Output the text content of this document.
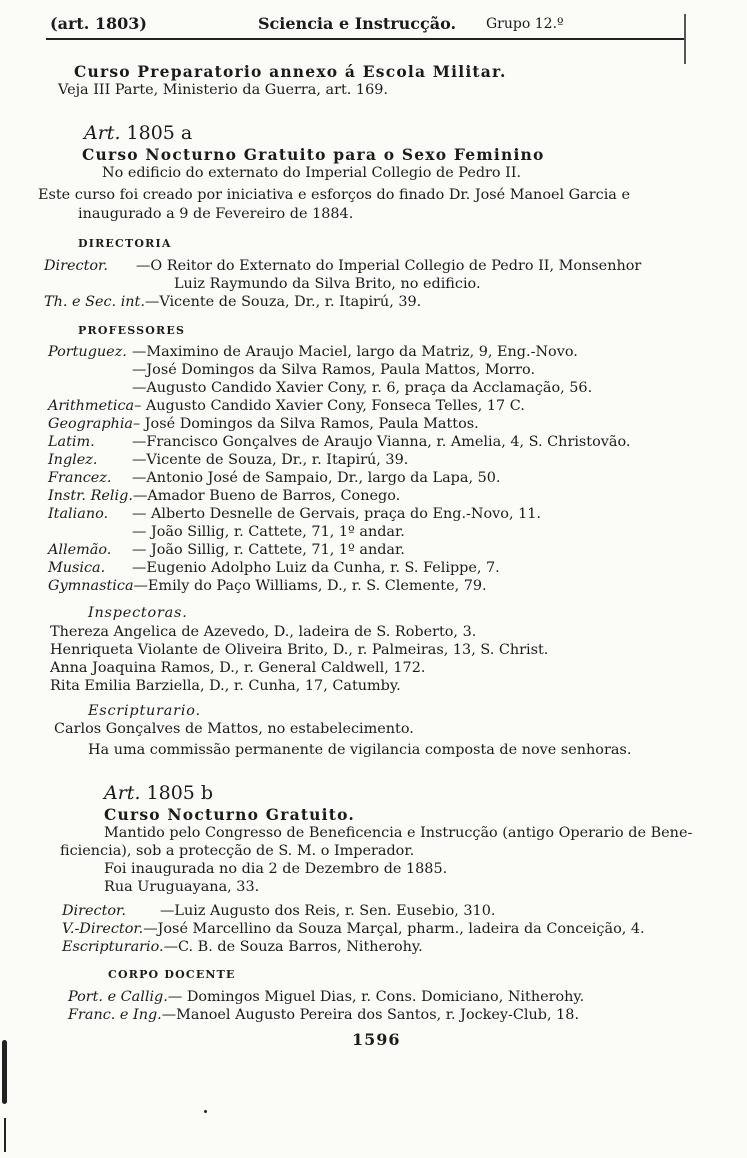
(art. 1803)	Sciencia e Instrucção. Grupo 12.º
Curso Preparatorio annexo á Escola Militar.
Veja III Parte, Ministerio da Guerra, art. 169.
Art. 1805 a
Curso Nocturno Gratuito para o Sexo Feminino
No edificio do externato do Imperial Collegio de Pedro II.
Este curso foi creado por iniciativa e esforços do finado Dr. José Manoel Garcia e
inaugurado a 9 de Fevereiro de 1884.
DIRECTORIA
Director. —O Reitor do Externato do Imperial Collegio de Pedro II, Monsenhor
Luiz Raymundo da Silva Brito, no edificio.
Th. e Sec. int.—Vicente de Souza, Dr., r. Itapirú, 39.
PROFESSORES
Portuguez. —Maximino de Araujo Maciel, largo da Matriz, 9, Eng.-Novo.
—José Domingos da Silva Ramos, Paula Mattos, Morro.
—Augusto Candido Xavier Cony, r. 6, praça da Acclamação, 56.
Arithmetica– Augusto Candido Xavier Cony, Fonseca Telles, 17 C.
Geographia– José Domingos da Silva Ramos, Paula Mattos.
Latim.	—Francisco Gonçalves de Araujo Vianna, r. Amelia, 4, S. Christovão.
Inglez. —Vicente de Souza, Dr., r. Itapirú, 39.
Francez. —Antonio José de Sampaio, Dr., largo da Lapa, 50.
Instr. Relig.—Amador Bueno de Barros, Conego.
Italiano. — Alberto Desnelle de Gervais, praça do Eng.-Novo, 11.
— João Sillig, r. Cattete, 71, 1º andar.
Allemão. — João Sillig, r. Cattete, 71, 1º andar.
Musica. —Eugenio Adolpho Luiz da Cunha, r. S. Felippe, 7.
Gymnastica—Emily do Paço Williams, D., r. S. Clemente, 79.
Inspectoras.
Thereza Angelica de Azevedo, D., ladeira de S. Roberto, 3.
Henriqueta Violante de Oliveira Brito, D., r. Palmeiras, 13, S. Christ.
Anna Joaquina Ramos, D., r. General Caldwell, 172.
Rita Emilia Barziella, D., r. Cunha, 17, Catumby.
Escripturario.
Carlos Gonçalves de Mattos, no estabelecimento.
Ha uma commissão permanente de vigilancia composta de nove senhoras.
Art. 1805 b
Curso Nocturno Gratuito.
Mantido pelo Congresso de Beneficencia e Instrucção (antigo Operario de Bene-
ficiencia), sob a protecção de S. M. o Imperador.
Foi inaugurada no dia 2 de Dezembro de 1885.
Rua Uruguayana, 33.
Director. —Luiz Augusto dos Reis, r. Sen. Eusebio, 310.
V.-Director.—José Marcellino da Souza Marçal, pharm., ladeira da Conceição, 4.
Escripturario.—C. B. de Souza Barros, Nitherohy.
CORPO DOCENTE
Port. e Callig.— Domingos Miguel Dias, r. Cons. Domiciano, Nitherohy.
Franc. e Ing.—Manoel Augusto Pereira dos Santos, r. Jockey-Club, 18.
1596
